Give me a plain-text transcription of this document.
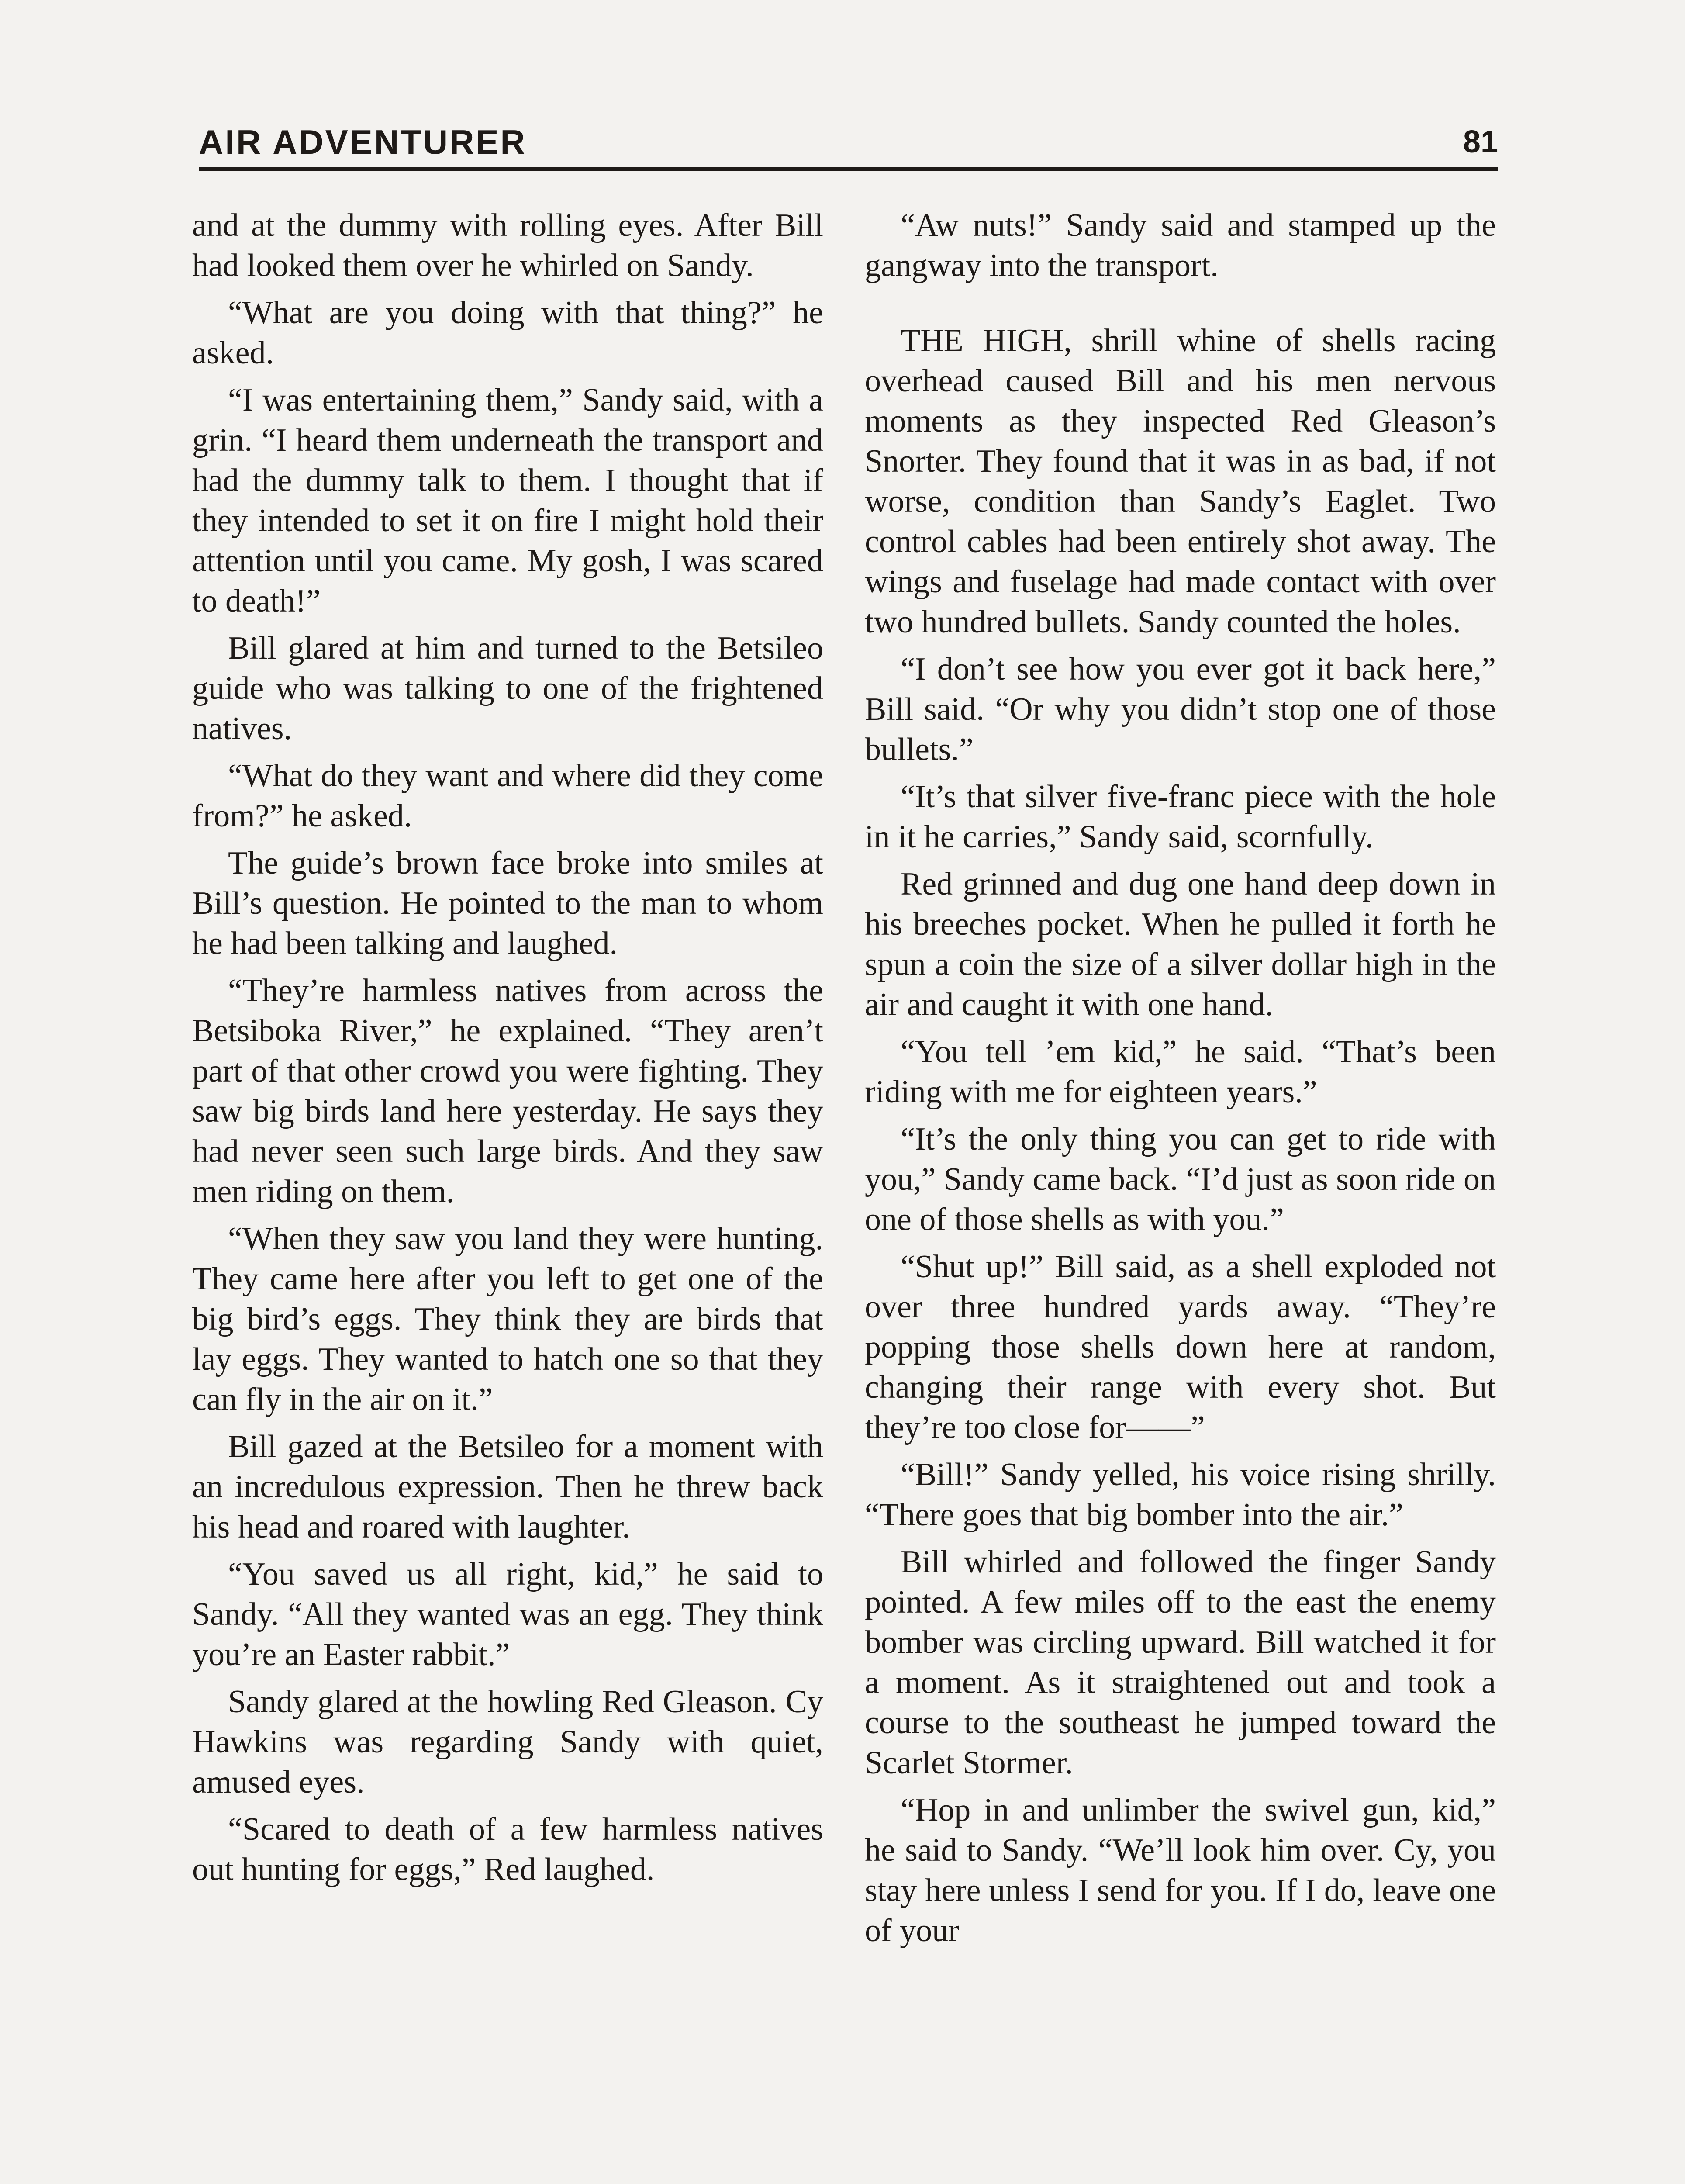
AIR ADVENTURER	81

and at the dummy with rolling eyes. After Bill had looked them over he whirled on Sandy.

“What are you doing with that thing?” he asked.

“I was entertaining them,” Sandy said, with a grin. “I heard them underneath the transport and had the dummy talk to them. I thought that if they intended to set it on fire I might hold their attention until you came. My gosh, I was scared to death!”

Bill glared at him and turned to the Betsileo guide who was talking to one of the frightened natives.

“What do they want and where did they come from?” he asked.

The guide’s brown face broke into smiles at Bill’s question. He pointed to the man to whom he had been talking and laughed.

“They’re harmless natives from across the Betsiboka River,” he explained. “They aren’t part of that other crowd you were fighting. They saw big birds land here yesterday. He says they had never seen such large birds. And they saw men riding on them.

“When they saw you land they were hunting. They came here after you left to get one of the big bird’s eggs. They think they are birds that lay eggs. They wanted to hatch one so that they can fly in the air on it.”

Bill gazed at the Betsileo for a moment with an incredulous expression. Then he threw back his head and roared with laughter.

“You saved us all right, kid,” he said to Sandy. “All they wanted was an egg. They think you’re an Easter rabbit.”

Sandy glared at the howling Red Gleason. Cy Hawkins was regarding Sandy with quiet, amused eyes.

“Scared to death of a few harmless natives out hunting for eggs,” Red laughed.

“Aw nuts!” Sandy said and stamped up the gangway into the transport.

THE HIGH, shrill whine of shells racing overhead caused Bill and his men nervous moments as they inspected Red Gleason’s Snorter. They found that it was in as bad, if not worse, condition than Sandy’s Eaglet. Two control cables had been entirely shot away. The wings and fuselage had made contact with over two hundred bullets. Sandy counted the holes.

“I don’t see how you ever got it back here,” Bill said. “Or why you didn’t stop one of those bullets.”

“It’s that silver five-franc piece with the hole in it he carries,” Sandy said, scornfully.

Red grinned and dug one hand deep down in his breeches pocket. When he pulled it forth he spun a coin the size of a silver dollar high in the air and caught it with one hand.

“You tell ’em kid,” he said. “That’s been riding with me for eighteen years.”

“It’s the only thing you can get to ride with you,” Sandy came back. “I’d just as soon ride on one of those shells as with you.”

“Shut up!” Bill said, as a shell exploded not over three hundred yards away. “They’re popping those shells down here at random, changing their range with every shot. But they’re too close for——”

“Bill!” Sandy yelled, his voice rising shrilly. “There goes that big bomber into the air.”

Bill whirled and followed the finger Sandy pointed. A few miles off to the east the enemy bomber was circling upward. Bill watched it for a moment. As it straightened out and took a course to the southeast he jumped toward the Scarlet Stormer.

“Hop in and unlimber the swivel gun, kid,” he said to Sandy. “We’ll look him over. Cy, you stay here unless I send for you. If I do, leave one of your
